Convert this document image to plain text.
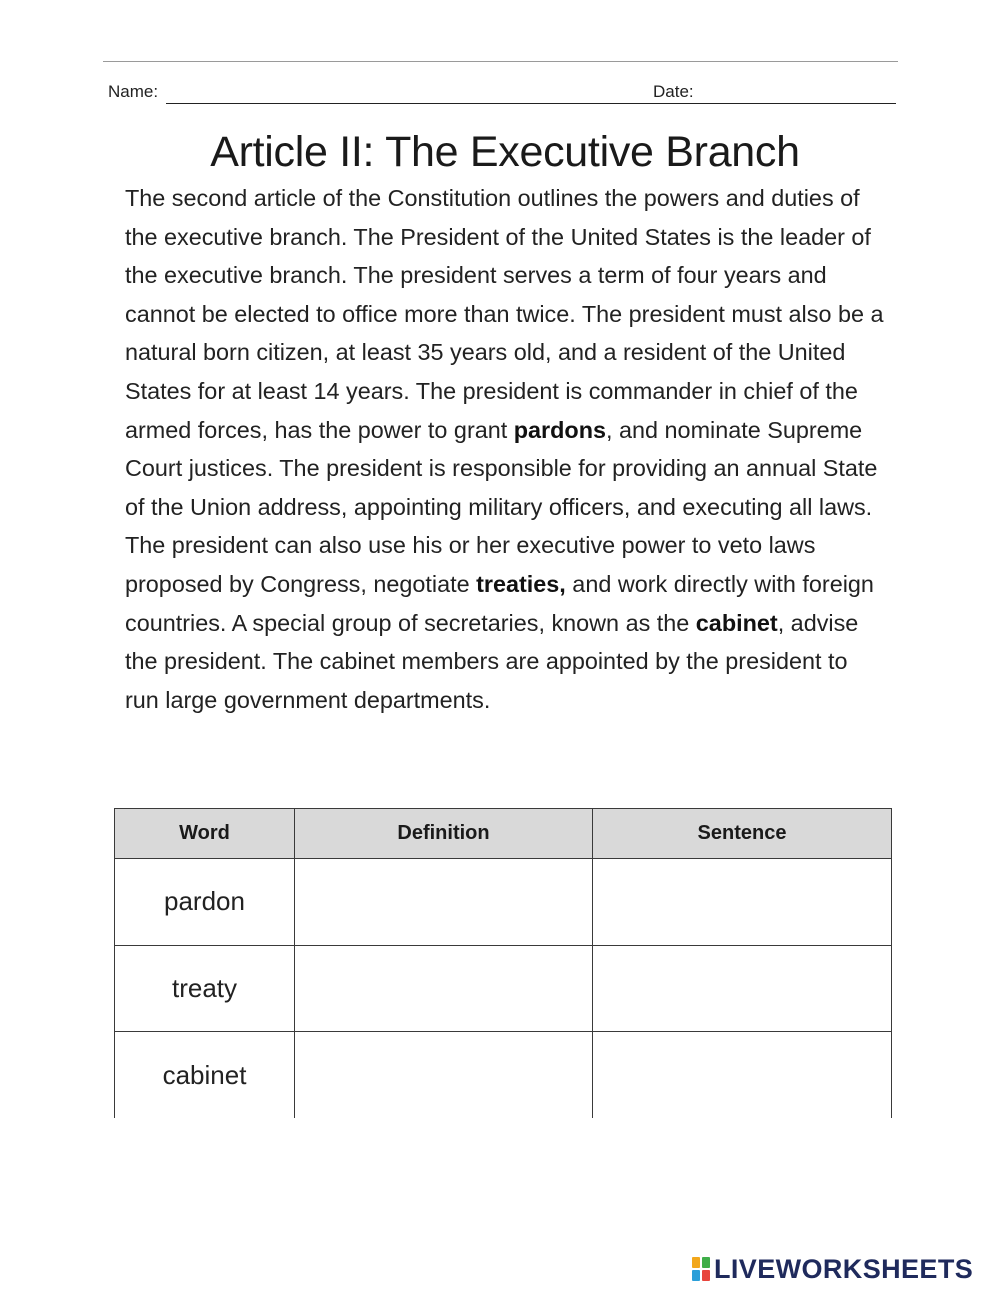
Name:	Date:
Article II: The Executive Branch

The second article of the Constitution outlines the powers and duties of the executive branch. The President of the United States is the leader of the executive branch. The president serves a term of four years and cannot be elected to office more than twice. The president must also be a natural born citizen, at least 35 years old, and a resident of the United States for at least 14 years. The president is commander in chief of the armed forces, has the power to grant pardons, and nominate Supreme Court justices. The president is responsible for providing an annual State of the Union address, appointing military officers, and executing all laws. The president can also use his or her executive power to veto laws proposed by Congress, negotiate treaties, and work directly with foreign countries. A special group of secretaries, known as the cabinet, advise the president. The cabinet members are appointed by the president to run large government departments.

Word	Definition	Sentence
pardon		
treaty		
cabinet		
LIVEWORKSHEETS
